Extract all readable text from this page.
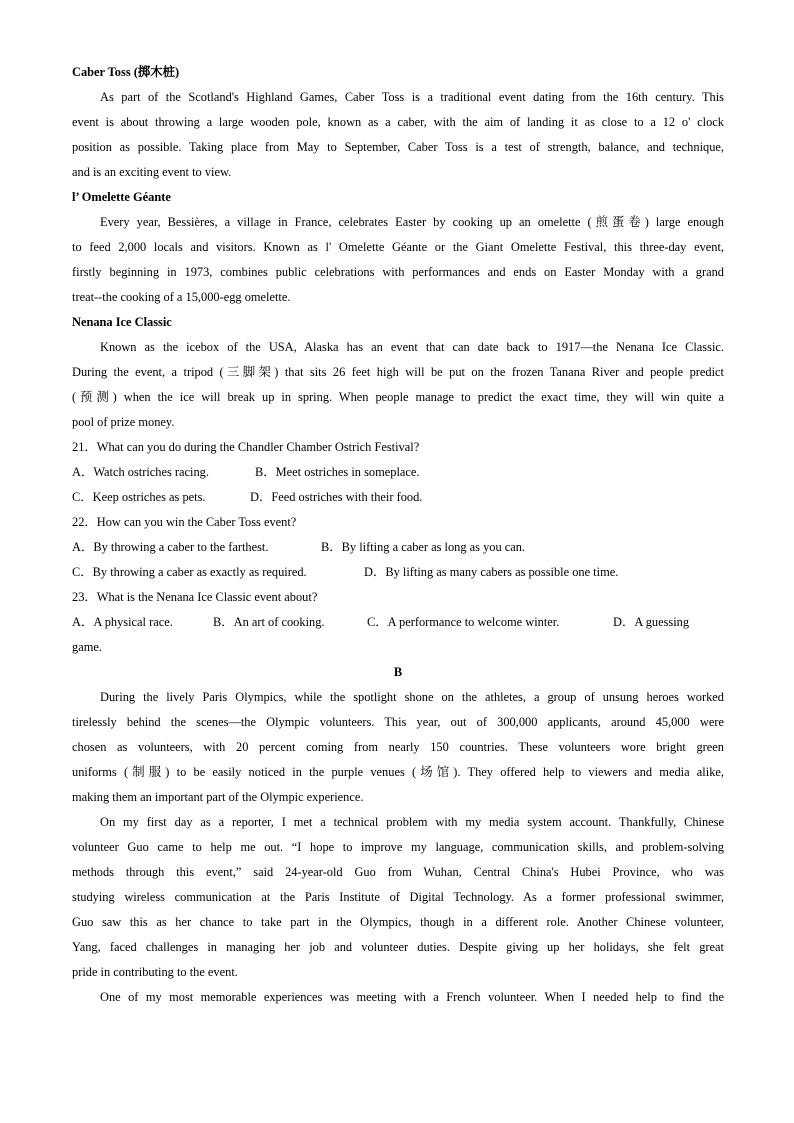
Caber Toss (掷木桩)
As part of the Scotland's Highland Games, Caber Toss is a traditional event dating from the 16th century. This
event is about throwing a large wooden pole, known as a caber, with the aim of landing it as close to a 12 o' clock
position as possible. Taking place from May to September, Caber Toss is a test of strength, balance, and technique,
and is an exciting event to view.
l’ Omelette Géante
Every year, Bessières, a village in France, celebrates Easter by cooking up an omelette (煎蛋卷) large enough
to feed 2,000 locals and visitors. Known as l' Omelette Géante or the Giant Omelette Festival, this three-day event,
firstly beginning in 1973, combines public celebrations with performances and ends on Easter Monday with a grand
treat--the cooking of a 15,000-egg omelette.
Nenana Ice Classic
Known as the icebox of the USA, Alaska has an event that can date back to 1917—the Nenana Ice Classic.
During the event, a tripod (三脚架) that sits 26 feet high will be put on the frozen Tanana River and people predict
(预测) when the ice will break up in spring. When people manage to predict the exact time, they will win quite a
pool of prize money.
21．What can you do during the Chandler Chamber Ostrich Festival?
A．Watch ostriches racing.	B．Meet ostriches in someplace.
C．Keep ostriches as pets.	D．Feed ostriches with their food.
22．How can you win the Caber Toss event?
A．By throwing a caber to the farthest.	B．By lifting a caber as long as you can.
C．By throwing a caber as exactly as required.	D．By lifting as many cabers as possible one time.
23．What is the Nenana Ice Classic event about?
A．A physical race.	B．An art of cooking.	C．A performance to welcome winter.	D．A guessing
game.
B
During the lively Paris Olympics, while the spotlight shone on the athletes, a group of unsung heroes worked
tirelessly behind the scenes—the Olympic volunteers. This year, out of 300,000 applicants, around 45,000 were
chosen as volunteers, with 20 percent coming from nearly 150 countries. These volunteers wore bright green
uniforms (制服) to be easily noticed in the purple venues (场馆). They offered help to viewers and media alike,
making them an important part of the Olympic experience.
On my first day as a reporter, I met a technical problem with my media system account. Thankfully, Chinese
volunteer Guo came to help me out. “I hope to improve my language, communication skills, and problem-solving
methods through this event,” said 24-year-old Guo from Wuhan, Central China's Hubei Province, who was
studying wireless communication at the Paris Institute of Digital Technology. As a former professional swimmer,
Guo saw this as her chance to take part in the Olympics, though in a different role. Another Chinese volunteer,
Yang, faced challenges in managing her job and volunteer duties. Despite giving up her holidays, she felt great
pride in contributing to the event.
One of my most memorable experiences was meeting with a French volunteer. When I needed help to find the
